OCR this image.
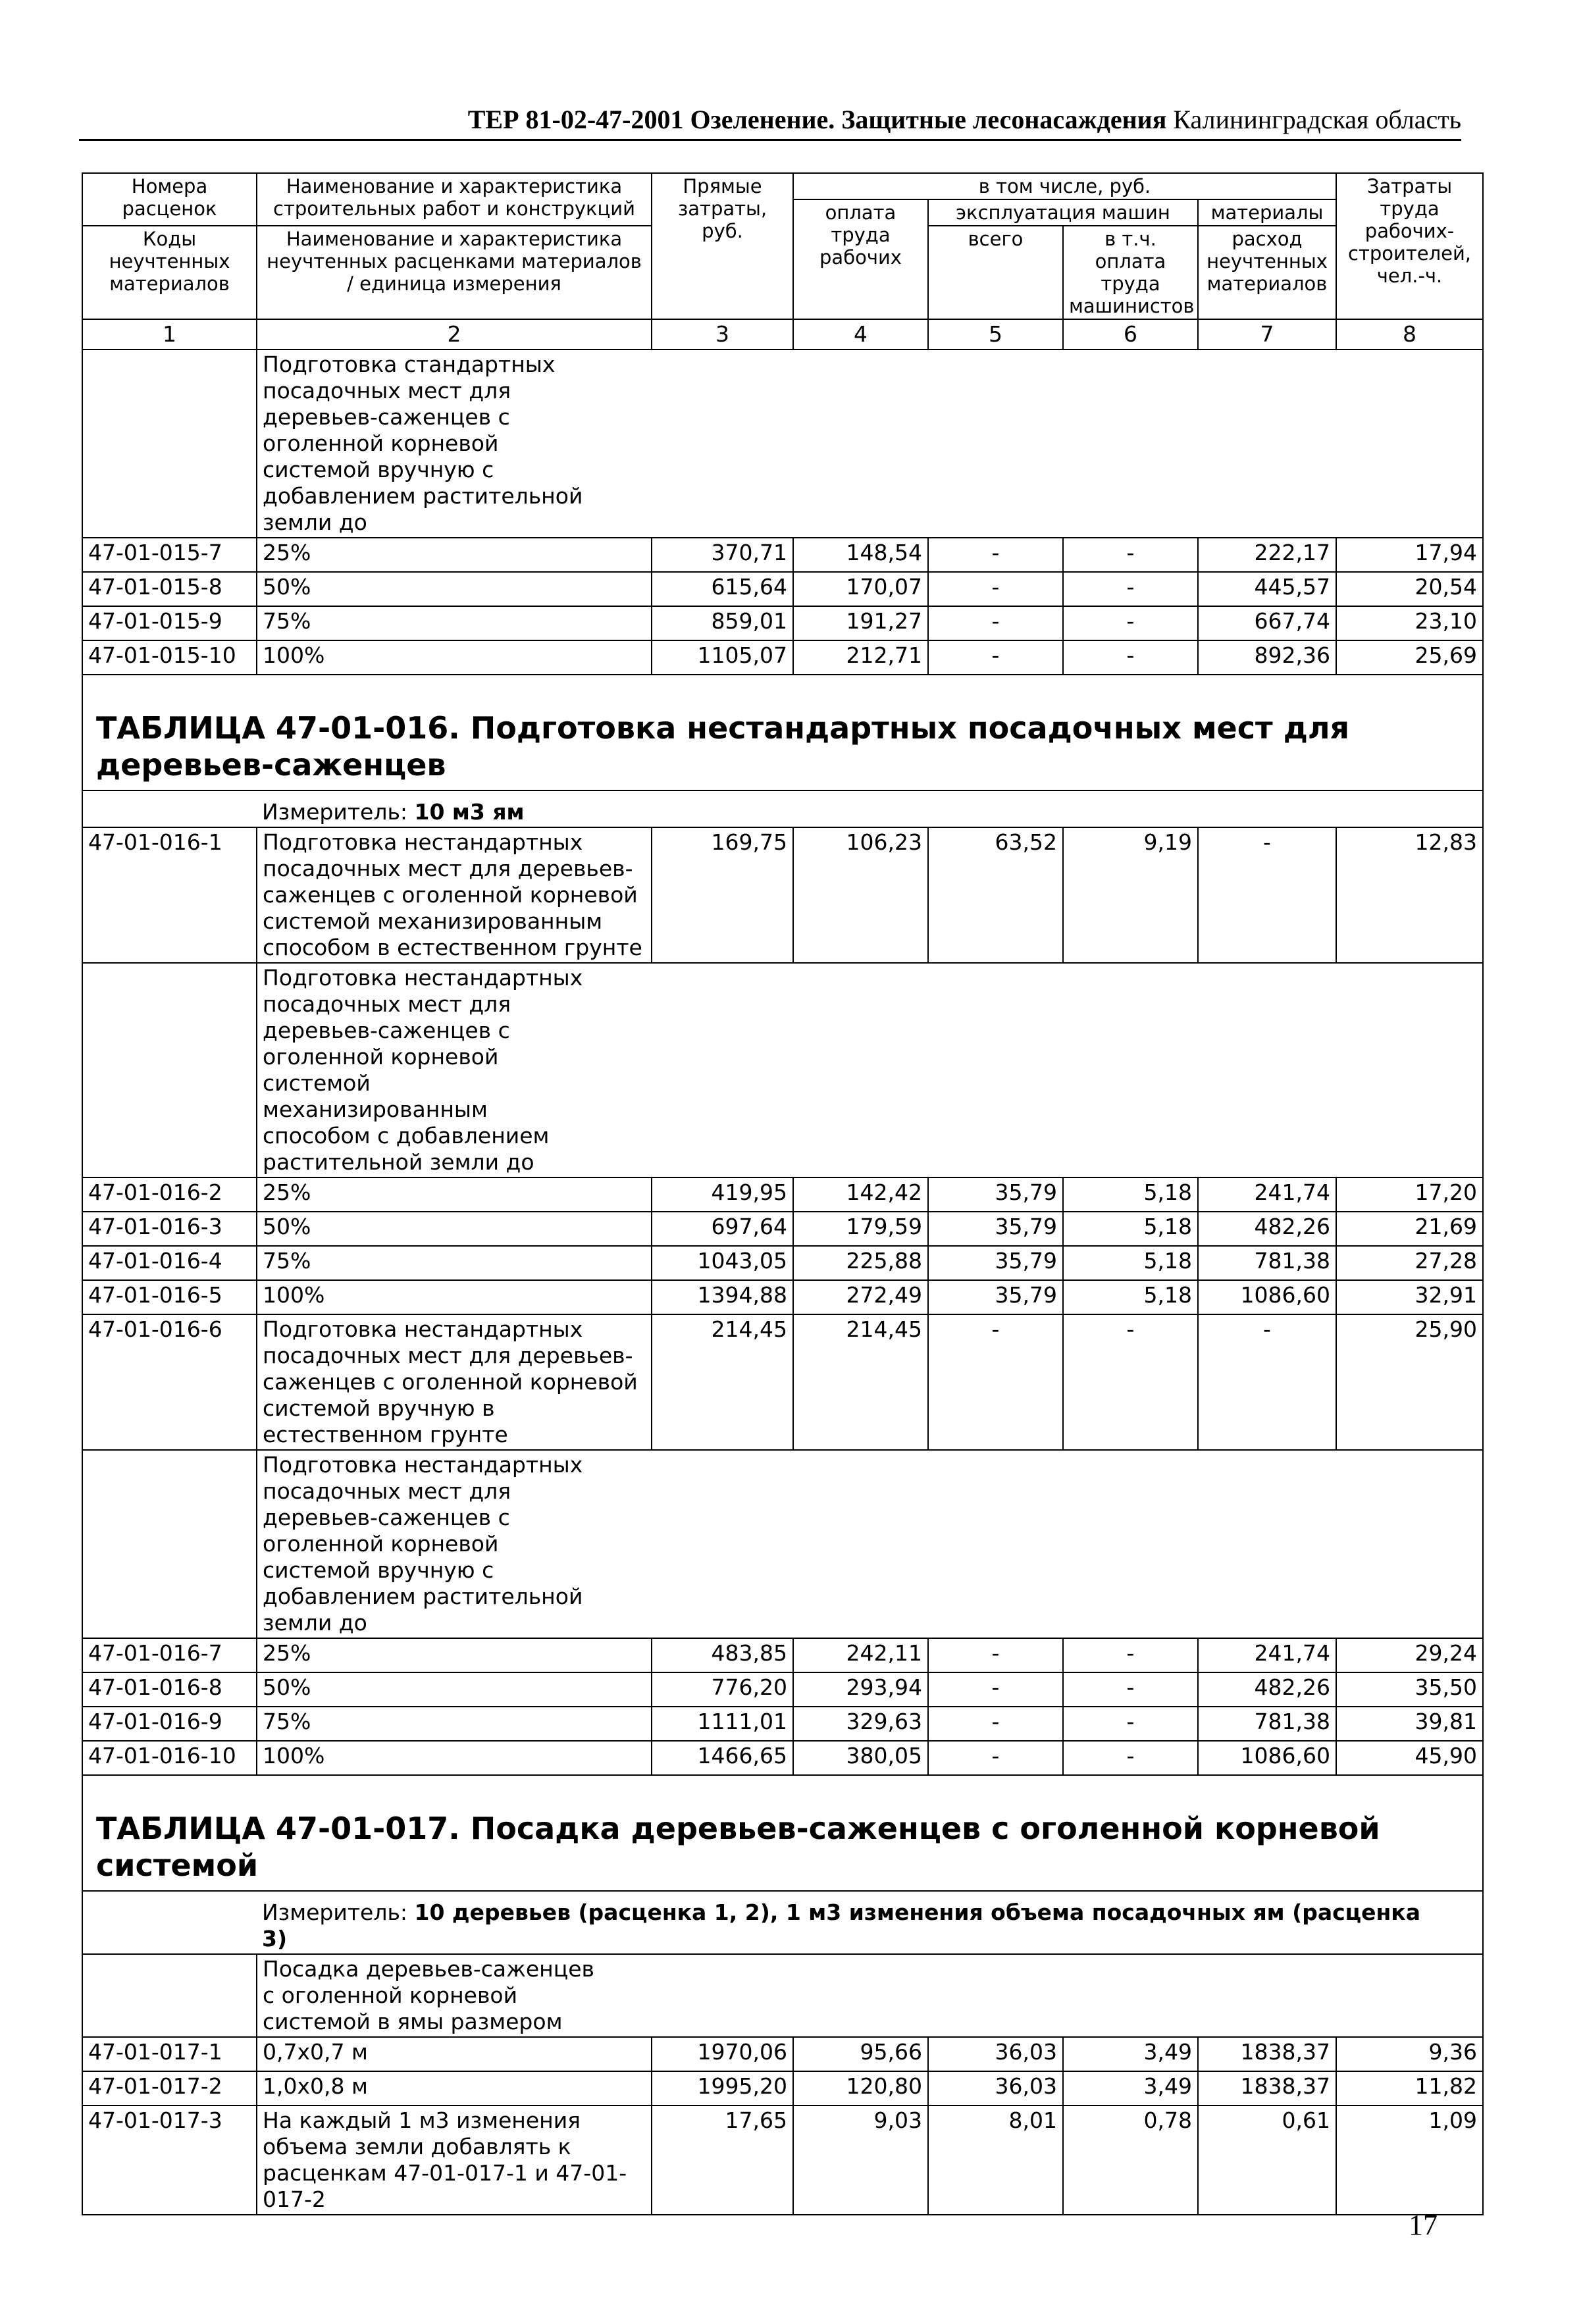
ТЕР 81-02-47-2001 Озеленение. Защитные лесонасаждения Калининградская область
Номера расценок	Наименование и характеристика строительных работ и конструкций	Прямые затраты, руб.	в том числе, руб.				Затраты труда рабочих-строителей, чел.-ч.
			оплата труда рабочих	эксплуатация машин		материалы	
Коды неучтенных материалов	Наименование и характеристика неучтенных расценками материалов / единица измерения			всего	в т.ч. оплата труда машинистов	расход неучтенных материалов	

1	2	3	4	5	6	7	8
	Подготовка стандартных посадочных мест для деревьев-саженцев с оголенной корневой системой вручную с добавлением растительной земли до						
47-01-015-7	25%	370,71	148,54	-	-	222,17	17,94
47-01-015-8	50%	615,64	170,07	-	-	445,57	20,54
47-01-015-9	75%	859,01	191,27	-	-	667,74	23,10
47-01-015-10	100%	1105,07	212,71	-	-	892,36	25,69
ТАБЛИЦА 47-01-016. Подготовка нестандартных посадочных мест для деревьев-саженцев							
	Измеритель: 10 м3 ям						
47-01-016-1	Подготовка нестандартных посадочных мест для деревьев-саженцев с оголенной корневой системой механизированным способом в естественном грунте	169,75	106,23	63,52	9,19	-	12,83
	Подготовка нестандартных посадочных мест для деревьев-саженцев с оголенной корневой системой механизированным способом с добавлением растительной земли до						
47-01-016-2	25%	419,95	142,42	35,79	5,18	241,74	17,20
47-01-016-3	50%	697,64	179,59	35,79	5,18	482,26	21,69
47-01-016-4	75%	1043,05	225,88	35,79	5,18	781,38	27,28
47-01-016-5	100%	1394,88	272,49	35,79	5,18	1086,60	32,91
47-01-016-6	Подготовка нестандартных посадочных мест для деревьев-саженцев с оголенной корневой системой вручную в естественном грунте	214,45	214,45	-	-	-	25,90
	Подготовка нестандартных посадочных мест для деревьев-саженцев с оголенной корневой системой вручную с добавлением растительной земли до						
47-01-016-7	25%	483,85	242,11	-	-	241,74	29,24
47-01-016-8	50%	776,20	293,94	-	-	482,26	35,50
47-01-016-9	75%	1111,01	329,63	-	-	781,38	39,81
47-01-016-10	100%	1466,65	380,05	-	-	1086,60	45,90
ТАБЛИЦА 47-01-017. Посадка деревьев-саженцев с оголенной корневой системой							
	Измеритель: 10 деревьев (расценка 1, 2), 1 м3 изменения объема посадочных ям (расценка 3)						
	Посадка деревьев-саженцев с оголенной корневой системой в ямы размером						
47-01-017-1	0,7х0,7 м	1970,06	95,66	36,03	3,49	1838,37	9,36
47-01-017-2	1,0х0,8 м	1995,20	120,80	36,03	3,49	1838,37	11,82
47-01-017-3	На каждый 1 м3 изменения объема земли добавлять к расценкам 47-01-017-1 и 47-01-017-2	17,65	9,03	8,01	0,78	0,61	1,09
17
